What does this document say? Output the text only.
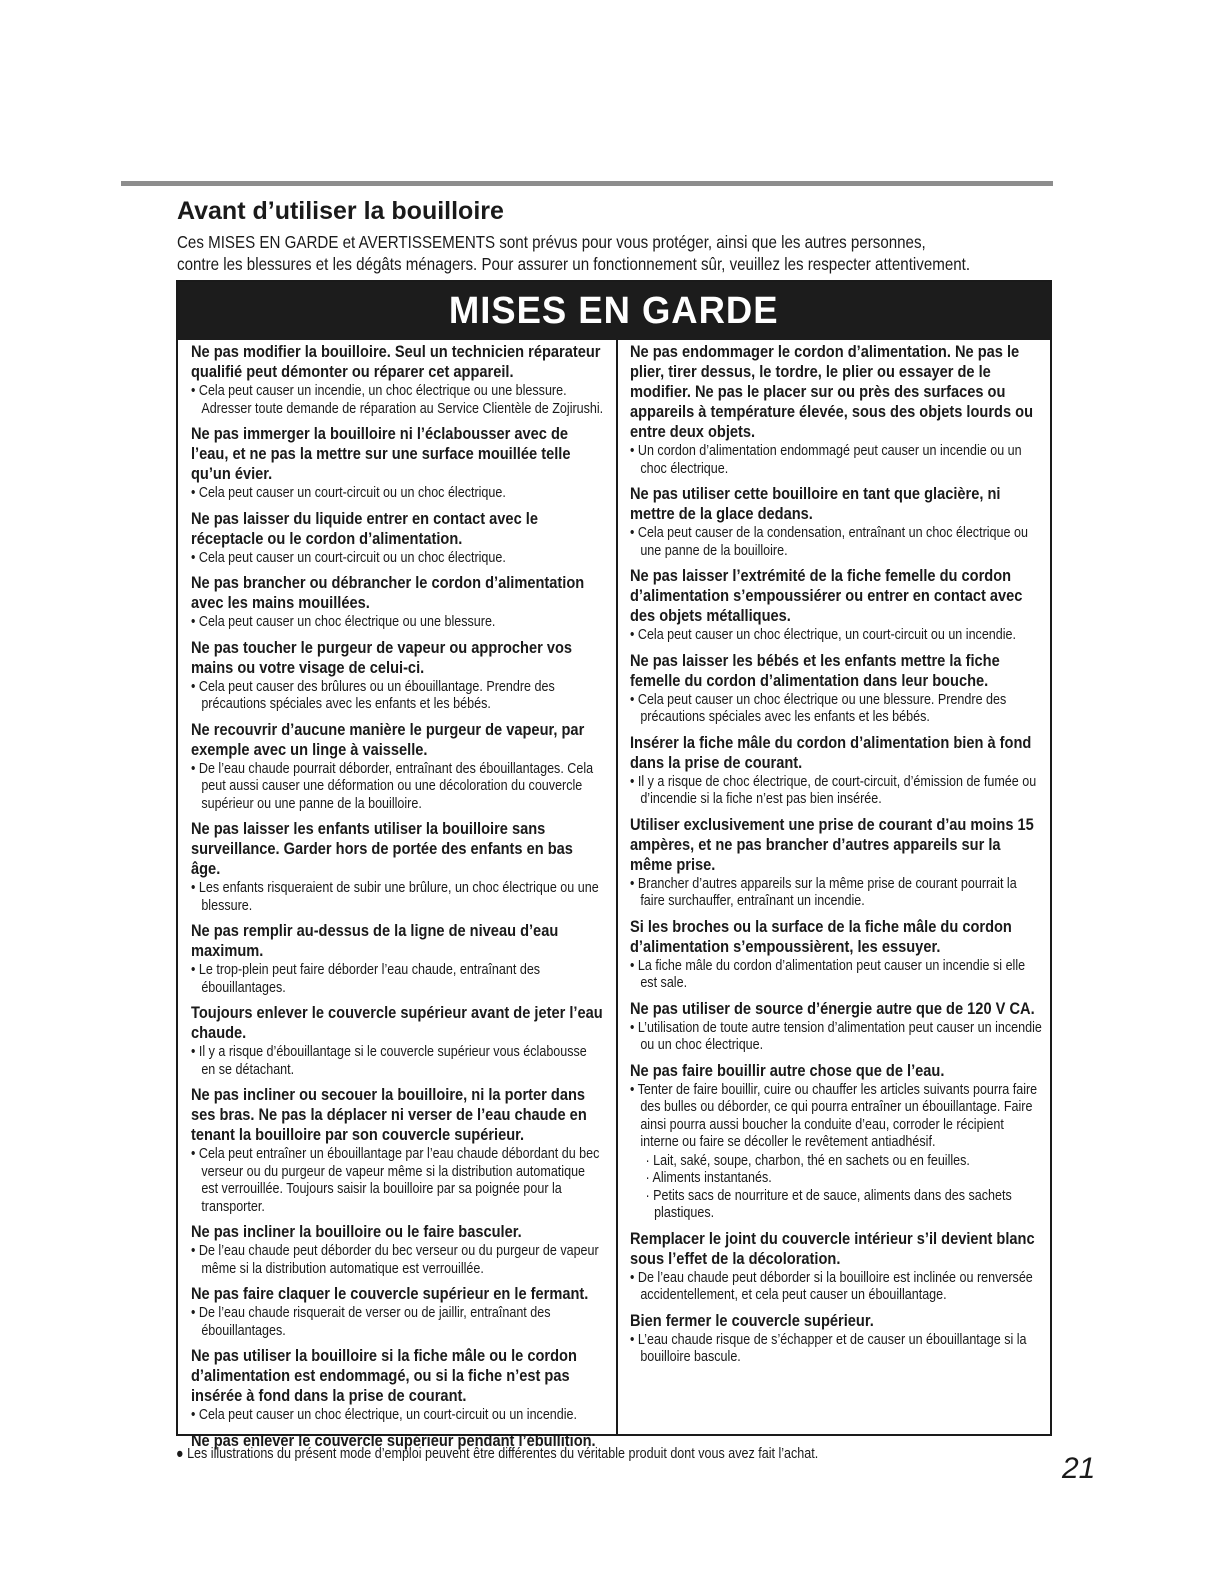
Avant d’utiliser la bouilloire
Ces MISES EN GARDE et AVERTISSEMENTS sont prévus pour vous protéger, ainsi que les autres personnes,
contre les blessures et les dégâts ménagers. Pour assurer un fonctionnement sûr, veuillez les respecter attentivement.
MISES EN GARDE
Ne pas modifier la bouilloire. Seul un technicien réparateur qualifié peut démonter ou réparer cet appareil.
• Cela peut causer un incendie, un choc électrique ou une blessure. Adresser toute demande de réparation au Service Clientèle de Zojirushi.
Ne pas immerger la bouilloire ni l’éclabousser avec de l’eau, et ne pas la mettre sur une surface mouillée telle qu’un évier.
• Cela peut causer un court-circuit ou un choc électrique.
Ne pas laisser du liquide entrer en contact avec le réceptacle ou le cordon d’alimentation.
• Cela peut causer un court-circuit ou un choc électrique.
Ne pas brancher ou débrancher le cordon d’alimentation avec les mains mouillées.
• Cela peut causer un choc électrique ou une blessure.
Ne pas toucher le purgeur de vapeur ou approcher vos mains ou votre visage de celui-ci.
• Cela peut causer des brûlures ou un ébouillantage. Prendre des précautions spéciales avec les enfants et les bébés.
Ne recouvrir d’aucune manière le purgeur de vapeur, par exemple avec un linge à vaisselle.
• De l’eau chaude pourrait déborder, entraînant des ébouillantages. Cela peut aussi causer une déformation ou une décoloration du couvercle supérieur ou une panne de la bouilloire.
Ne pas laisser les enfants utiliser la bouilloire sans surveillance. Garder hors de portée des enfants en bas âge.
• Les enfants risqueraient de subir une brûlure, un choc électrique ou une blessure.
Ne pas remplir au-dessus de la ligne de niveau d’eau maximum.
• Le trop-plein peut faire déborder l’eau chaude, entraînant des ébouillantages.
Toujours enlever le couvercle supérieur avant de jeter l’eau chaude.
• Il y a risque d’ébouillantage si le couvercle supérieur vous éclabousse en se détachant.
Ne pas incliner ou secouer la bouilloire, ni la porter dans ses bras. Ne pas la déplacer ni verser de l’eau chaude en tenant la bouilloire par son couvercle supérieur.
• Cela peut entraîner un ébouillantage par l’eau chaude débordant du bec verseur ou du purgeur de vapeur même si la distribution automatique est verrouillée. Toujours saisir la bouilloire par sa poignée pour la transporter.
Ne pas incliner la bouilloire ou le faire basculer.
• De l’eau chaude peut déborder du bec verseur ou du purgeur de vapeur même si la distribution automatique est verrouillée.
Ne pas faire claquer le couvercle supérieur en le fermant.
• De l’eau chaude risquerait de verser ou de jaillir, entraînant des ébouillantages.
Ne pas utiliser la bouilloire si la fiche mâle ou le cordon d’alimentation est endommagé, ou si la fiche n’est pas insérée à fond dans la prise de courant.
• Cela peut causer un choc électrique, un court-circuit ou un incendie.
Ne pas enlever le couvercle supérieur pendant l’ébullition.
Ne pas endommager le cordon d’alimentation. Ne pas le plier, tirer dessus, le tordre, le plier ou essayer de le modifier. Ne pas le placer sur ou près des surfaces ou appareils à température élevée, sous des objets lourds ou entre deux objets.
• Un cordon d’alimentation endommagé peut causer un incendie ou un choc électrique.
Ne pas utiliser cette bouilloire en tant que glacière, ni mettre de la glace dedans.
• Cela peut causer de la condensation, entraînant un choc électrique ou une panne de la bouilloire.
Ne pas laisser l’extrémité de la fiche femelle du cordon d’alimentation s’empoussiérer ou entrer en contact avec des objets métalliques.
• Cela peut causer un choc électrique, un court-circuit ou un incendie.
Ne pas laisser les bébés et les enfants mettre la fiche femelle du cordon d’alimentation dans leur bouche.
• Cela peut causer un choc électrique ou une blessure. Prendre des précautions spéciales avec les enfants et les bébés.
Insérer la fiche mâle du cordon d’alimentation bien à fond dans la prise de courant.
• Il y a risque de choc électrique, de court-circuit, d’émission de fumée ou d’incendie si la fiche n’est pas bien insérée.
Utiliser exclusivement une prise de courant d’au moins 15 ampères, et ne pas brancher d’autres appareils sur la même prise.
• Brancher d’autres appareils sur la même prise de courant pourrait la faire surchauffer, entraînant un incendie.
Si les broches ou la surface de la fiche mâle du cordon d’alimentation s’empoussièrent, les essuyer.
• La fiche mâle du cordon d’alimentation peut causer un incendie si elle est sale.
Ne pas utiliser de source d’énergie autre que de 120 V CA.
• L’utilisation de toute autre tension d’alimentation peut causer un incendie ou un choc électrique.
Ne pas faire bouillir autre chose que de l’eau.
• Tenter de faire bouillir, cuire ou chauffer les articles suivants pourra faire des bulles ou déborder, ce qui pourra entraîner un ébouillantage. Faire ainsi pourra aussi boucher la conduite d’eau, corroder le récipient interne ou faire se décoller le revêtement antiadhésif.
· Lait, saké, soupe, charbon, thé en sachets ou en feuilles.
· Aliments instantanés.
· Petits sacs de nourriture et de sauce, aliments dans des sachets plastiques.
Remplacer le joint du couvercle intérieur s’il devient blanc sous l’effet de la décoloration.
• De l’eau chaude peut déborder si la bouilloire est inclinée ou renversée accidentellement, et cela peut causer un ébouillantage.
Bien fermer le couvercle supérieur.
• L’eau chaude risque de s’échapper et de causer un ébouillantage si la bouilloire bascule.
● Les illustrations du présent mode d’emploi peuvent être différentes du véritable produit dont vous avez fait l’achat.	21
